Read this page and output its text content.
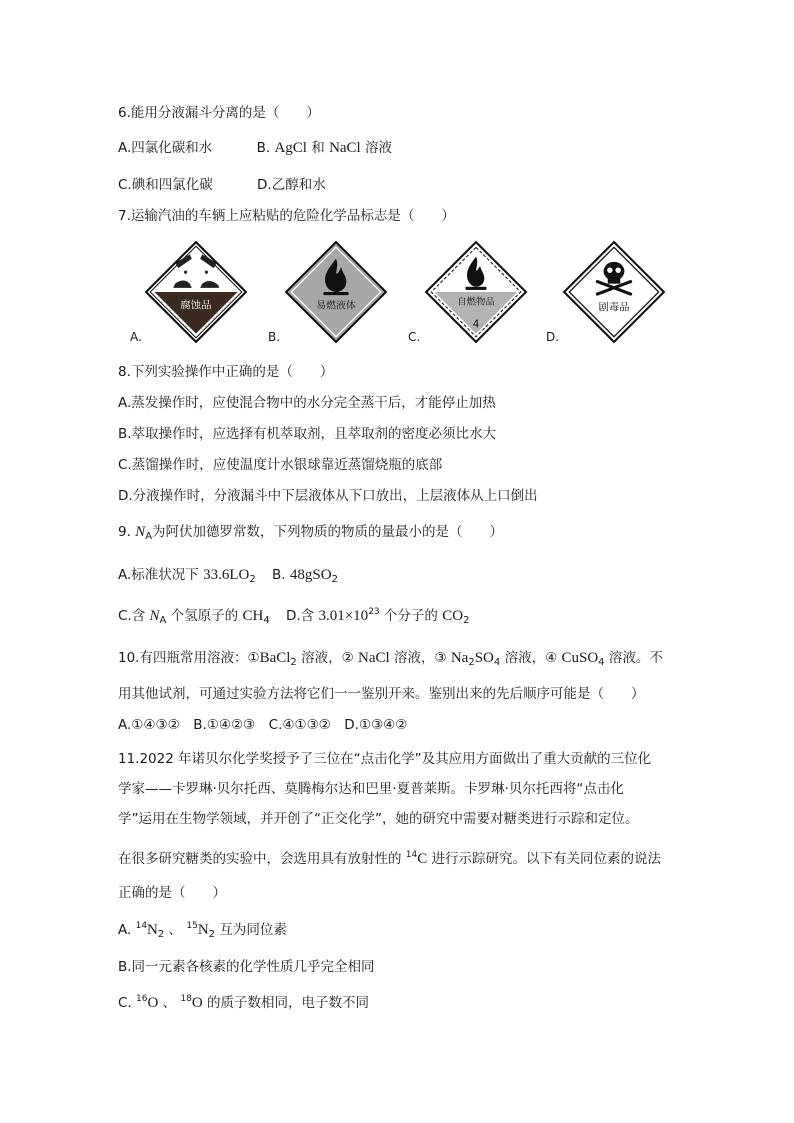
6.能用分液漏斗分离的是（　　）
A.四氯化碳和水	B. AgCl 和 NaCl 溶液
C.碘和四氯化碳	D.乙醇和水
7.运输汽油的车辆上应粘贴的危险化学品标志是（　　）
腐蚀品
A.
易燃液体
B.
自燃物品
4
C.
剧毒品
D.
8.下列实验操作中正确的是（　　）
A.蒸发操作时，应使混合物中的水分完全蒸干后，才能停止加热
B.萃取操作时，应选择有机萃取剂，且萃取剂的密度必须比水大
C.蒸馏操作时，应使温度计水银球靠近蒸馏烧瓶的底部
D.分液操作时，分液漏斗中下层液体从下口放出，上层液体从上口倒出
9. $N_A$为阿伏加德罗常数，下列物质的物质的量最小的是（　　）
A.标准状况下 $33.6LO_2$ B. 48gSO$_2$
C.含 $N_A$ 个氢原子的 $CH_4$ D.含 $3.01\times 10^{23}$ 个分子的 $CO_2$
10.有四瓶常用溶液：①BaCl$_2$ 溶液，② NaCl 溶液，③ $Na_2SO_4$ 溶液，④ CuSO$_4$ 溶液。不
用其他试剂，可通过实验方法将它们一一鉴别开来。鉴别出来的先后顺序可能是（　　）
A.①④③②　B.①④②③　C.④①③②　D.①③④②
11.2022 年诺贝尔化学奖授予了三位在“点击化学”及其应用方面做出了重大贡献的三位化
学家——卡罗琳·贝尔托西、莫腾梅尔达和巴里·夏普莱斯。卡罗琳·贝尔托西将“点击化
学”运用在生物学领域，并开创了“正交化学”，她的研究中需要对糖类进行示踪和定位。
在很多研究糖类的实验中，会选用具有放射性的 $^{14}$C 进行示踪研究。以下有关同位素的说法
正确的是（　　）
A. $^{14}N_2$ 、 $^{15}N_2$ 互为同位素
B.同一元素各核素的化学性质几乎完全相同
C. $^{16}$O 、 $^{18}$O 的质子数相同，电子数不同
